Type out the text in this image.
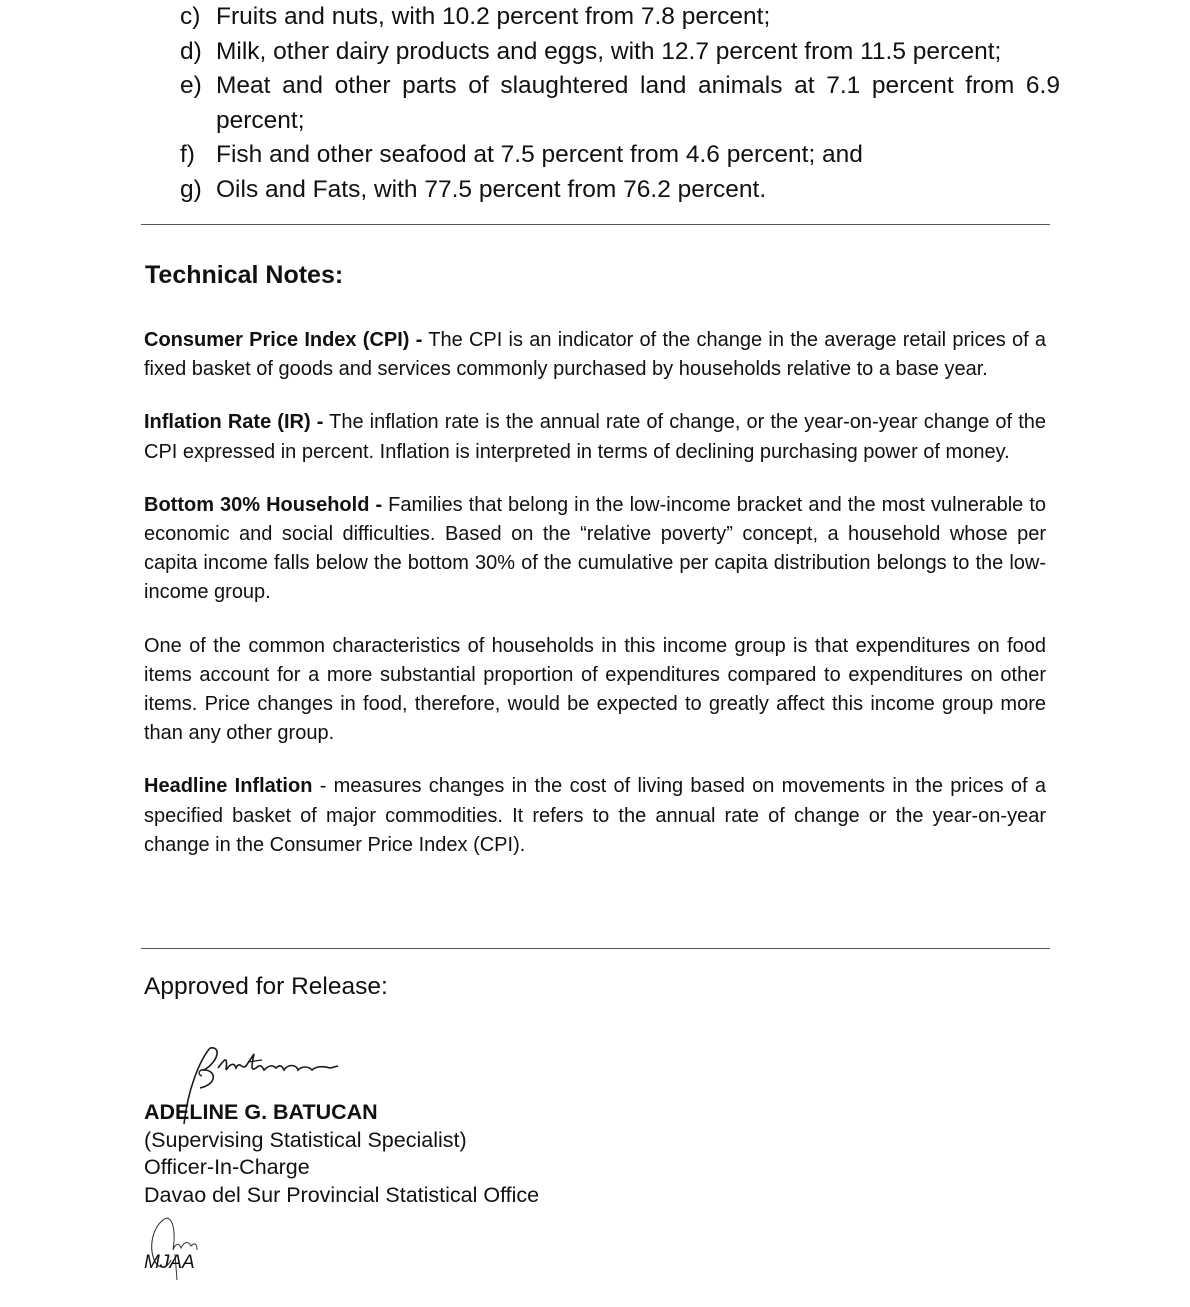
c) Fruits and nuts, with 10.2 percent from 7.8 percent;
d) Milk, other dairy products and eggs, with 12.7 percent from 11.5 percent;
e) Meat and other parts of slaughtered land animals at 7.1 percent from 6.9 percent;
f) Fish and other seafood at 7.5 percent from 4.6 percent; and
g) Oils and Fats, with 77.5 percent from 76.2 percent.
Technical Notes:

Consumer Price Index (CPI) - The CPI is an indicator of the change in the average retail prices of a fixed basket of goods and services commonly purchased by households relative to a base year.

Inflation Rate (IR) - The inflation rate is the annual rate of change, or the year-on-year change of the CPI expressed in percent. Inflation is interpreted in terms of declining purchasing power of money.

Bottom 30% Household - Families that belong in the low-income bracket and the most vulnerable to economic and social difficulties. Based on the “relative poverty” concept, a household whose per capita income falls below the bottom 30% of the cumulative per capita distribution belongs to the low-income group.

One of the common characteristics of households in this income group is that expenditures on food items account for a more substantial proportion of expenditures compared to expenditures on other items. Price changes in food, therefore, would be expected to greatly affect this income group more than any other group.

Headline Inflation - measures changes in the cost of living based on movements in the prices of a specified basket of major commodities. It refers to the annual rate of change or the year-on-year change in the Consumer Price Index (CPI).

Approved for Release:

ADELINE G. BATUCAN
(Supervising Statistical Specialist)
Officer-In-Charge
Davao del Sur Provincial Statistical Office
MJAA
